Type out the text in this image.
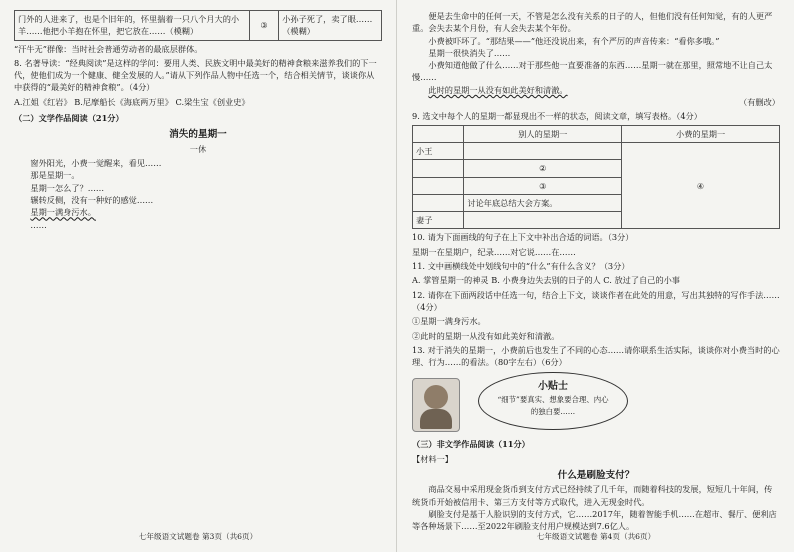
门外的人进来了，也是个旧年的，怀里揣着一只八个月大的小羊……他把小羊抱在怀里，把它放在……（模糊）	③	小孙子死了，卖了眼……（模糊）
“汗牛无”群像：当时社会普通劳动者的最底层群体。
8. 名著导读：“经典阅读”是这样的学问：要用人类、民族文明中最美好的精神食粮来滋养我们的下一代，使他们成为一个健康、健全发展的人。”请从下列作品人物中任选一个，结合相关情节，谈谈你从中获得的“最美好的精神食粮”。（4分）
A.江姐《红岩》 B.尼摩船长《海底两万里》 C.梁生宝《创业史》
（二）文学作品阅读（21分）
消失的星期一
一休

窗外阳光，小费一觉醒来，看见……

那是星期一。

星期一怎么了？……

辗转反侧，没有一种好的感觉……

星期一满身污水。

……

七年级语文试题卷 第3页（共6页）

便是去生命中的任何一天，不管是怎么没有关系的日子的人，但他们没有任何知觉，有的人更严重。会失去某个月份，有人会失去某个年份。

小费被吓坏了。“那结果——”他还没说出来，有个严厉的声音传来：“看你多哦。”

星期一很快消失了……

小费知道他做了什么……对于那些他一直要准备的东西……星期一就在那里，照常地不让自己太慢……

此时的星期一从没有如此美好和清澈。

（有删改）
9. 选文中每个人的星期一都显现出不一样的状态，阅读文章，填写表格。（4分）
	别人的星期一	小费的星期一
小王		④
	②	
	③	
	讨论年底总结大会方案。	
妻子		
10. 请为下面画线的句子在上下文中补出合适的词语。（3分）
星期一在星期户，纪录……对它说……在……
11. 文中画横线处中划线句中的“什么”有什么含义？（3分）
A. 掌管星期一的神灵 B. 小费身边失去别的日子的人 C. 放过了自己的小事
12. 请你在下面两段话中任选一句，结合上下文，谈谈作者在此处的用意，写出其独特的写作手法……（4分）
①星期一满身污水。
②此时的星期一从没有如此美好和清澈。
13. 对于消失的星期一，小费前后也发生了不同的心态……请你联系生活实际，谈谈你对小费当时的心理、行为……的看法。（80字左右）（6分）
小贴士
“细节”要真实、想象要合理、内心的独白要……
（三）非文学作品阅读（11分）
【材料一】
什么是刷脸支付？

商品交易中采用现金货币到支付方式已经持续了几千年，而随着科技的发展，短短几十年间，传统货币开始被信用卡、第三方支付等方式取代，进入无现金时代。

刷脸支付是基于人脸识别的支付方式，它……2017年，随着智能手机……在超市、餐厅、便利店等各种场景下……至2022年刷脸支付用户规模达到7.6亿人。

七年级语文试题卷 第4页（共6页）
